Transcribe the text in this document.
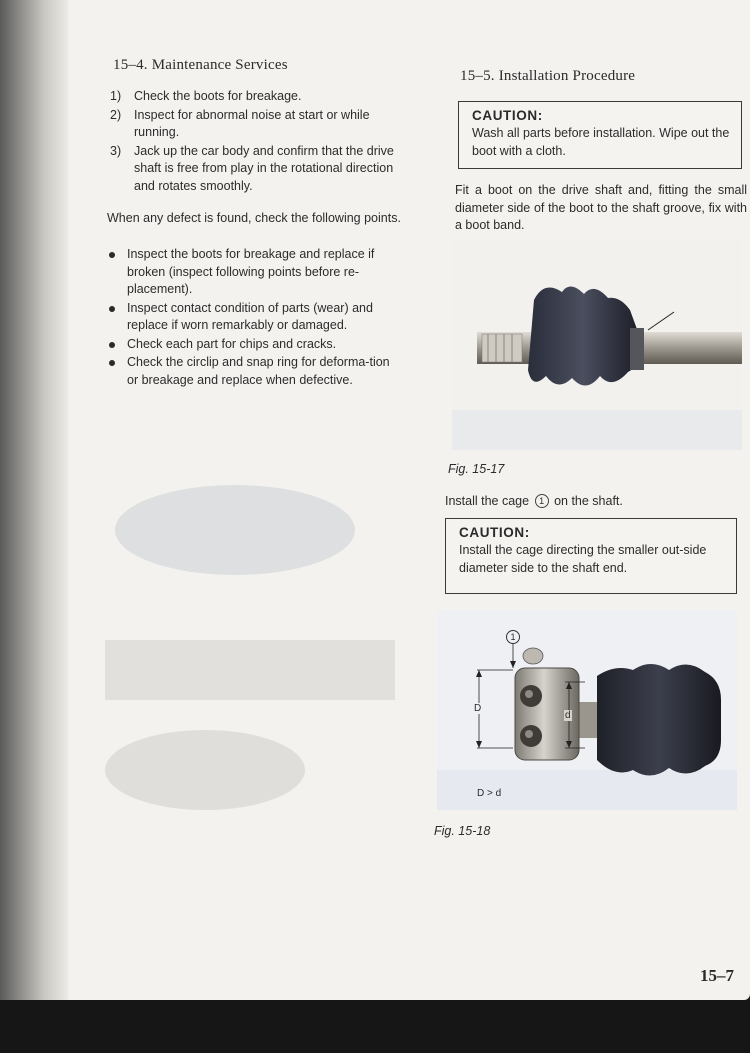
15–4. Maintenance Services
1) Check the boots for breakage.
2) Inspect for abnormal noise at start or while running.
3) Jack up the car body and confirm that the drive shaft is free from play in the rotational direction and rotates smoothly.
When any defect is found, check the following points.
Inspect the boots for breakage and replace if broken (inspect following points before re-placement).
Inspect contact condition of parts (wear) and replace if worn remarkably or damaged.
Check each part for chips and cracks.
Check the circlip and snap ring for deforma-tion or breakage and replace when defective.
15–5. Installation Procedure
CAUTION:
Wash all parts before installation. Wipe out the boot with a cloth.
Fit a boot on the drive shaft and, fitting the small diameter side of the boot to the shaft groove, fix with a boot band.
Fig. 15-17
Install the cage 1 on the shaft.
CAUTION:
Install the cage directing the smaller out-side diameter side to the shaft end.
1
D
d
D > d
Fig. 15-18
15–7
